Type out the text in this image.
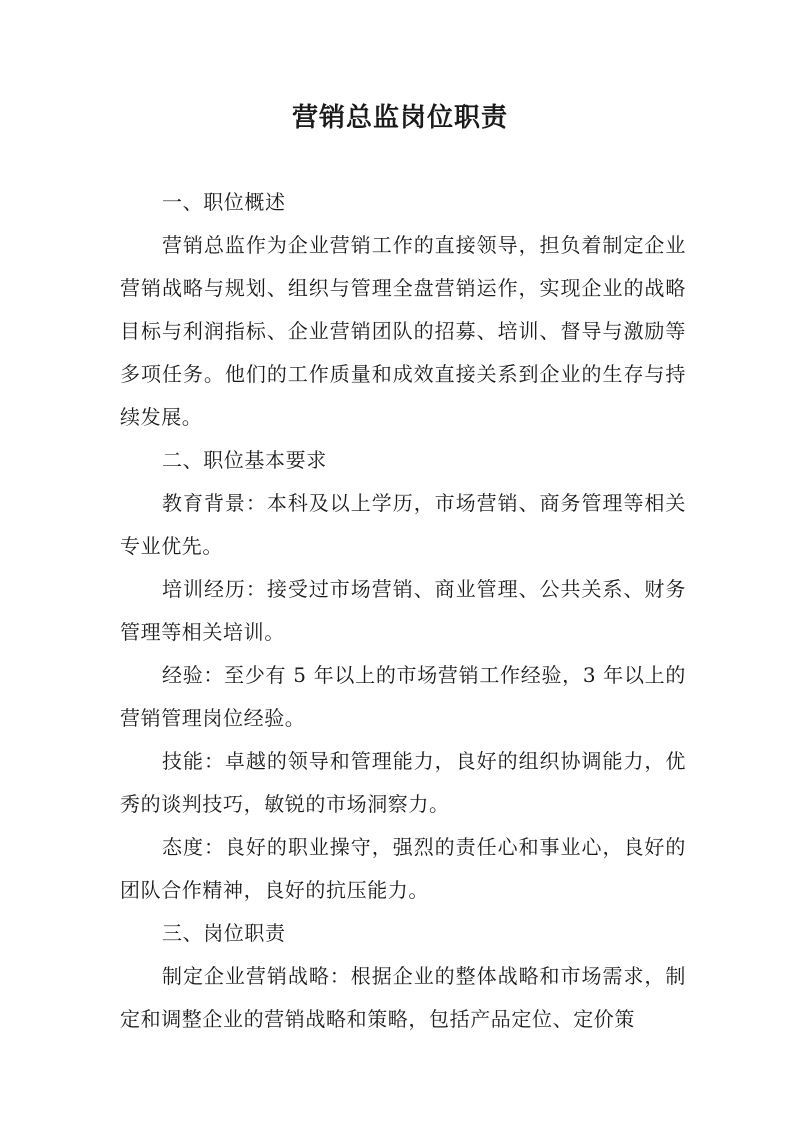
营销总监岗位职责

一、职位概述

营销总监作为企业营销工作的直接领导，担负着制定企业营销战略与规划、组织与管理全盘营销运作，实现企业的战略目标与利润指标、企业营销团队的招募、培训、督导与激励等多项任务。他们的工作质量和成效直接关系到企业的生存与持续发展。

二、职位基本要求

教育背景：本科及以上学历，市场营销、商务管理等相关专业优先。

培训经历：接受过市场营销、商业管理、公共关系、财务管理等相关培训。

经验：至少有 5 年以上的市场营销工作经验，3 年以上的营销管理岗位经验。

技能：卓越的领导和管理能力，良好的组织协调能力，优秀的谈判技巧，敏锐的市场洞察力。

态度：良好的职业操守，强烈的责任心和事业心，良好的团队合作精神，良好的抗压能力。

三、岗位职责

制定企业营销战略：根据企业的整体战略和市场需求，制定和调整企业的营销战略和策略，包括产品定位、定价策
